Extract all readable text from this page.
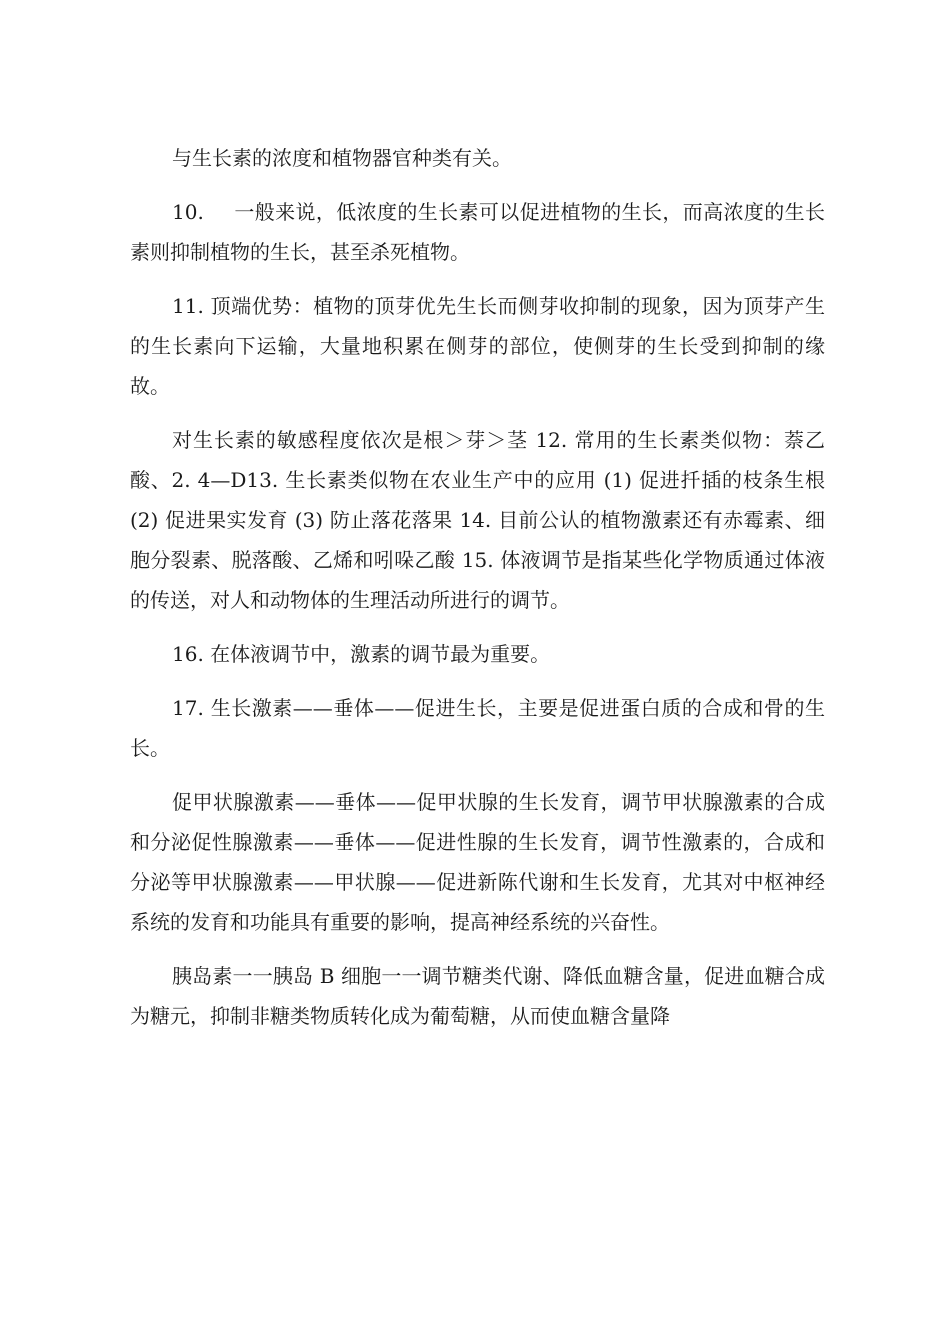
与生长素的浓度和植物器官种类有关。

10. 一般来说，低浓度的生长素可以促进植物的生长，而高浓度的生长素则抑制植物的生长，甚至杀死植物。

11. 顶端优势：植物的顶芽优先生长而侧芽收抑制的现象，因为顶芽产生的生长素向下运输，大量地积累在侧芽的部位，使侧芽的生长受到抑制的缘故。

对生长素的敏感程度依次是根＞芽＞茎 12. 常用的生长素类似物：萘乙酸、2. 4—D13. 生长素类似物在农业生产中的应用 (1) 促进扦插的枝条生根 (2) 促进果实发育 (3) 防止落花落果 14. 目前公认的植物激素还有赤霉素、细胞分裂素、脱落酸、乙烯和吲哚乙酸 15. 体液调节是指某些化学物质通过体液的传送，对人和动物体的生理活动所进行的调节。

16. 在体液调节中，激素的调节最为重要。

17. 生长激素——垂体——促进生长，主要是促进蛋白质的合成和骨的生长。

促甲状腺激素——垂体——促甲状腺的生长发育，调节甲状腺激素的合成和分泌促性腺激素——垂体——促进性腺的生长发育，调节性激素的，合成和分泌等甲状腺激素——甲状腺——促进新陈代谢和生长发育，尤其对中枢神经系统的发育和功能具有重要的影响，提高神经系统的兴奋性。

胰岛素一一胰岛 B 细胞一一调节糖类代谢、降低血糖含量，促进血糖合成为糖元，抑制非糖类物质转化成为葡萄糖，从而使血糖含量降
